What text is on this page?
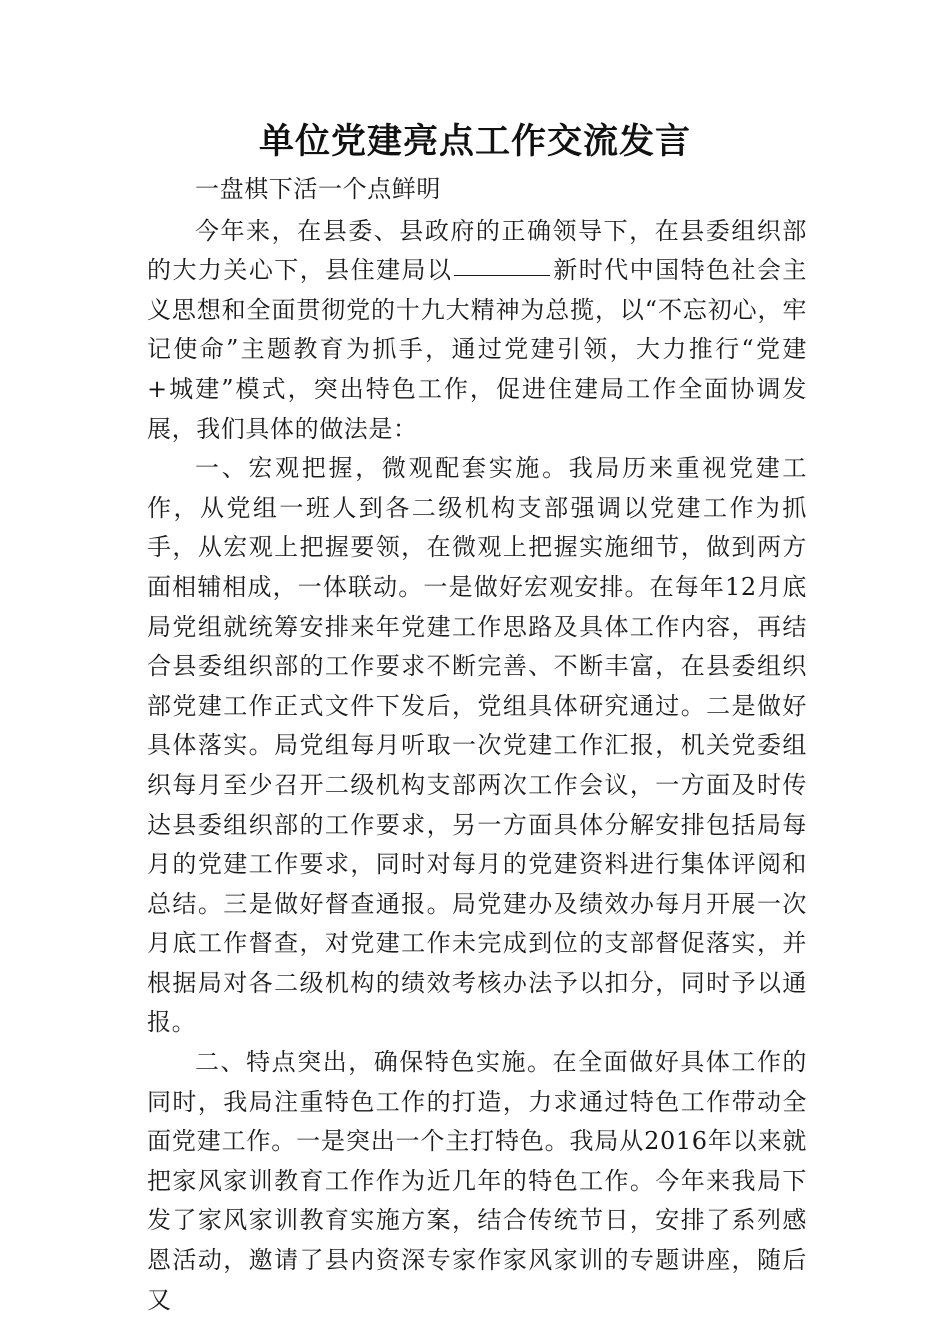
单位党建亮点工作交流发言

一盘棋下活一个点鲜明

今年来，在县委、县政府的正确领导下，在县委组织部的大力关心下，县住建局以	新时代中国特色社会主义思想和全面贯彻党的十九大精神为总揽，以“不忘初心，牢记使命”主题教育为抓手，通过党建引领，大力推行“党建+城建”模式，突出特色工作，促进住建局工作全面协调发展，我们具体的做法是：

一、宏观把握，微观配套实施。我局历来重视党建工作，从党组一班人到各二级机构支部强调以党建工作为抓手，从宏观上把握要领，在微观上把握实施细节，做到两方面相辅相成，一体联动。一是做好宏观安排。在每年12月底局党组就统筹安排来年党建工作思路及具体工作内容，再结合县委组织部的工作要求不断完善、不断丰富，在县委组织部党建工作正式文件下发后，党组具体研究通过。二是做好具体落实。局党组每月听取一次党建工作汇报，机关党委组织每月至少召开二级机构支部两次工作会议，一方面及时传达县委组织部的工作要求，另一方面具体分解安排包括局每月的党建工作要求，同时对每月的党建资料进行集体评阅和总结。三是做好督查通报。局党建办及绩效办每月开展一次月底工作督查，对党建工作未完成到位的支部督促落实，并根据局对各二级机构的绩效考核办法予以扣分，同时予以通报。

二、特点突出，确保特色实施。在全面做好具体工作的同时，我局注重特色工作的打造，力求通过特色工作带动全面党建工作。一是突出一个主打特色。我局从2016年以来就把家风家训教育工作作为近几年的特色工作。今年来我局下发了家风家训教育实施方案，结合传统节日，安排了系列感恩活动，邀请了县内资深专家作家风家训的专题讲座，随后又
